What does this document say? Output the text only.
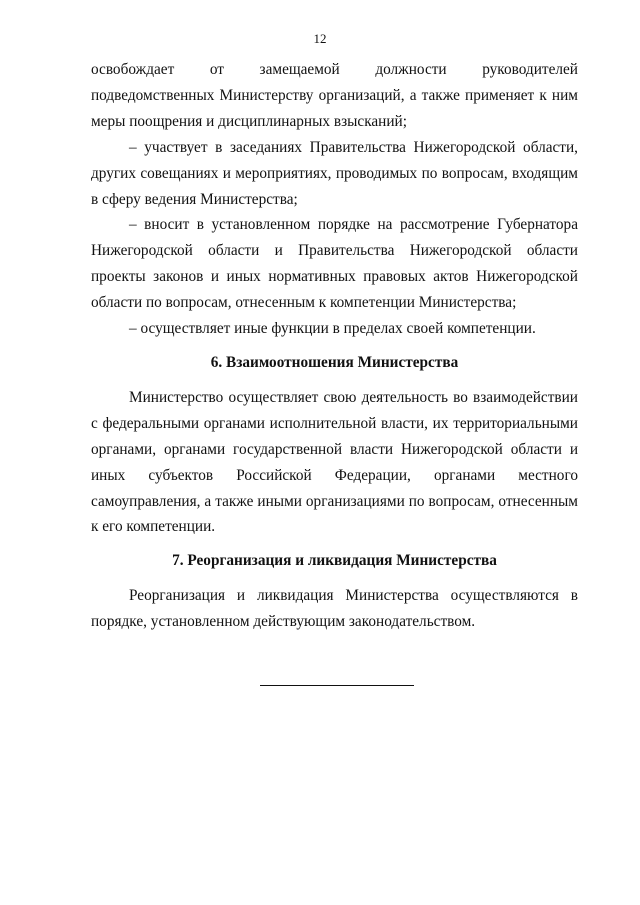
12

освобождает от замещаемой должности руководителей подведомственных Министерству организаций, а также применяет к ним меры поощрения и дисциплинарных взысканий;

– участвует в заседаниях Правительства Нижегородской области, других совещаниях и мероприятиях, проводимых по вопросам, входящим в сферу ведения Министерства;

– вносит в установленном порядке на рассмотрение Губернатора Нижегородской области и Правительства Нижегородской области проекты законов и иных нормативных правовых актов Нижегородской области по вопросам, отнесенным к компетенции Министерства;

– осуществляет иные функции в пределах своей компетенции.

6. Взаимоотношения Министерства

Министерство осуществляет свою деятельность во взаимодействии с федеральными органами исполнительной власти, их территориальными органами, органами государственной власти Нижегородской области и иных субъектов Российской Федерации, органами местного самоуправления, а также иными организациями по вопросам, отнесенным к его компетенции.

7. Реорганизация и ликвидация Министерства

Реорганизация и ликвидация Министерства осуществляются в порядке, установленном действующим законодательством.
